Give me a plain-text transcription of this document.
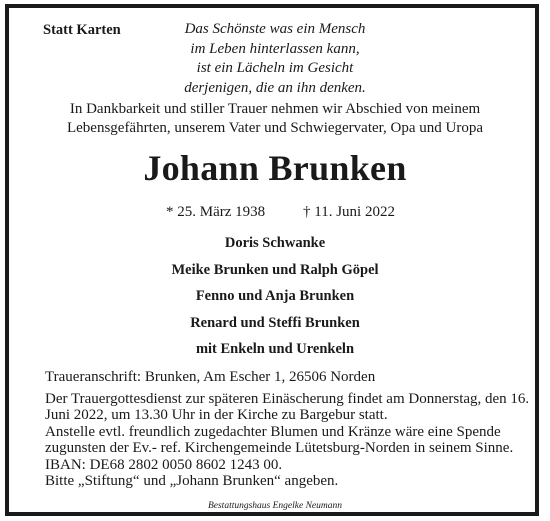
Statt Karten	Das Schönste was ein Mensch
im Leben hinterlassen kann,
ist ein Lächeln im Gesicht
derjenigen, die an ihn denken.
In Dankbarkeit und stiller Trauer nehmen wir Abschied von meinem
Lebensgefährten, unserem Vater und Schwiegervater, Opa und Uropa
Johann Brunken
* 25. März 1938	† 11. Juni 2022
Doris Schwanke
Meike Brunken und Ralph Göpel
Fenno und Anja Brunken
Renard und Steffi Brunken
mit Enkeln und Urenkeln
Traueranschrift: Brunken, Am Escher 1, 26506 Norden
Der Trauergottesdienst zur späteren Einäscherung findet am Donnerstag, den 16.
Juni 2022, um 13.30 Uhr in der Kirche zu Bargebur statt.
Anstelle evtl. freundlich zugedachter Blumen und Kränze wäre eine Spende
zugunsten der Ev.- ref. Kirchengemeinde Lütetsburg-Norden in seinem Sinne.
IBAN: DE68 2802 0050 8602 1243 00.
Bitte „Stiftung“ und „Johann Brunken“ angeben.
Bestattungshaus Engelke Neumann
